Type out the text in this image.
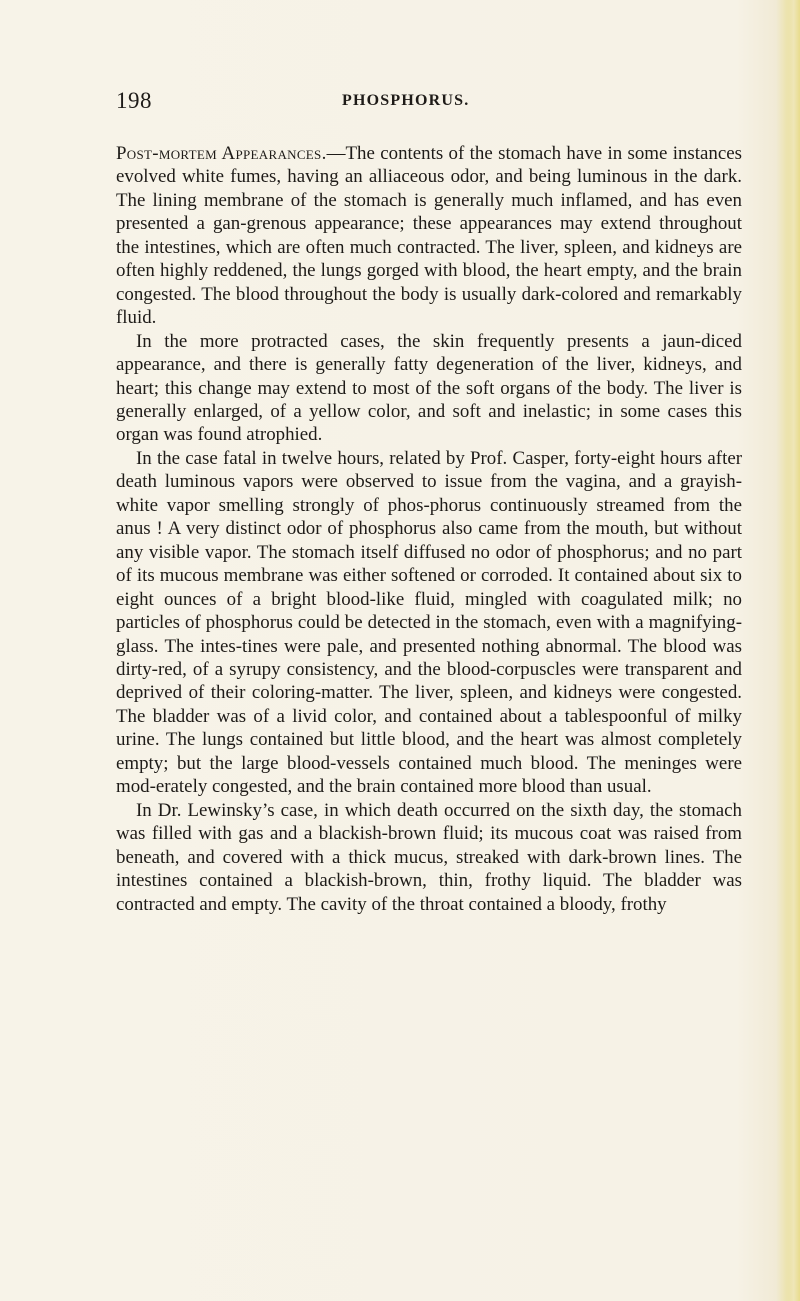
198	PHOSPHORUS.

Post-mortem Appearances.—The contents of the stomach have in some instances evolved white fumes, having an alliaceous odor, and being luminous in the dark. The lining membrane of the stomach is generally much inflamed, and has even presented a gan-grenous appearance; these appearances may extend throughout the intestines, which are often much contracted. The liver, spleen, and kidneys are often highly reddened, the lungs gorged with blood, the heart empty, and the brain congested. The blood throughout the body is usually dark-colored and remarkably fluid.

In the more protracted cases, the skin frequently presents a jaun-diced appearance, and there is generally fatty degeneration of the liver, kidneys, and heart; this change may extend to most of the soft organs of the body. The liver is generally enlarged, of a yellow color, and soft and inelastic; in some cases this organ was found atrophied.

In the case fatal in twelve hours, related by Prof. Casper, forty-eight hours after death luminous vapors were observed to issue from the vagina, and a grayish-white vapor smelling strongly of phos-phorus continuously streamed from the anus ! A very distinct odor of phosphorus also came from the mouth, but without any visible vapor. The stomach itself diffused no odor of phosphorus; and no part of its mucous membrane was either softened or corroded. It contained about six to eight ounces of a bright blood-like fluid, mingled with coagulated milk; no particles of phosphorus could be detected in the stomach, even with a magnifying-glass. The intes-tines were pale, and presented nothing abnormal. The blood was dirty-red, of a syrupy consistency, and the blood-corpuscles were transparent and deprived of their coloring-matter. The liver, spleen, and kidneys were congested. The bladder was of a livid color, and contained about a tablespoonful of milky urine. The lungs contained but little blood, and the heart was almost completely empty; but the large blood-vessels contained much blood. The meninges were mod-erately congested, and the brain contained more blood than usual.

In Dr. Lewinsky’s case, in which death occurred on the sixth day, the stomach was filled with gas and a blackish-brown fluid; its mucous coat was raised from beneath, and covered with a thick mucus, streaked with dark-brown lines. The intestines contained a blackish-brown, thin, frothy liquid. The bladder was contracted and empty. The cavity of the throat contained a bloody, frothy
